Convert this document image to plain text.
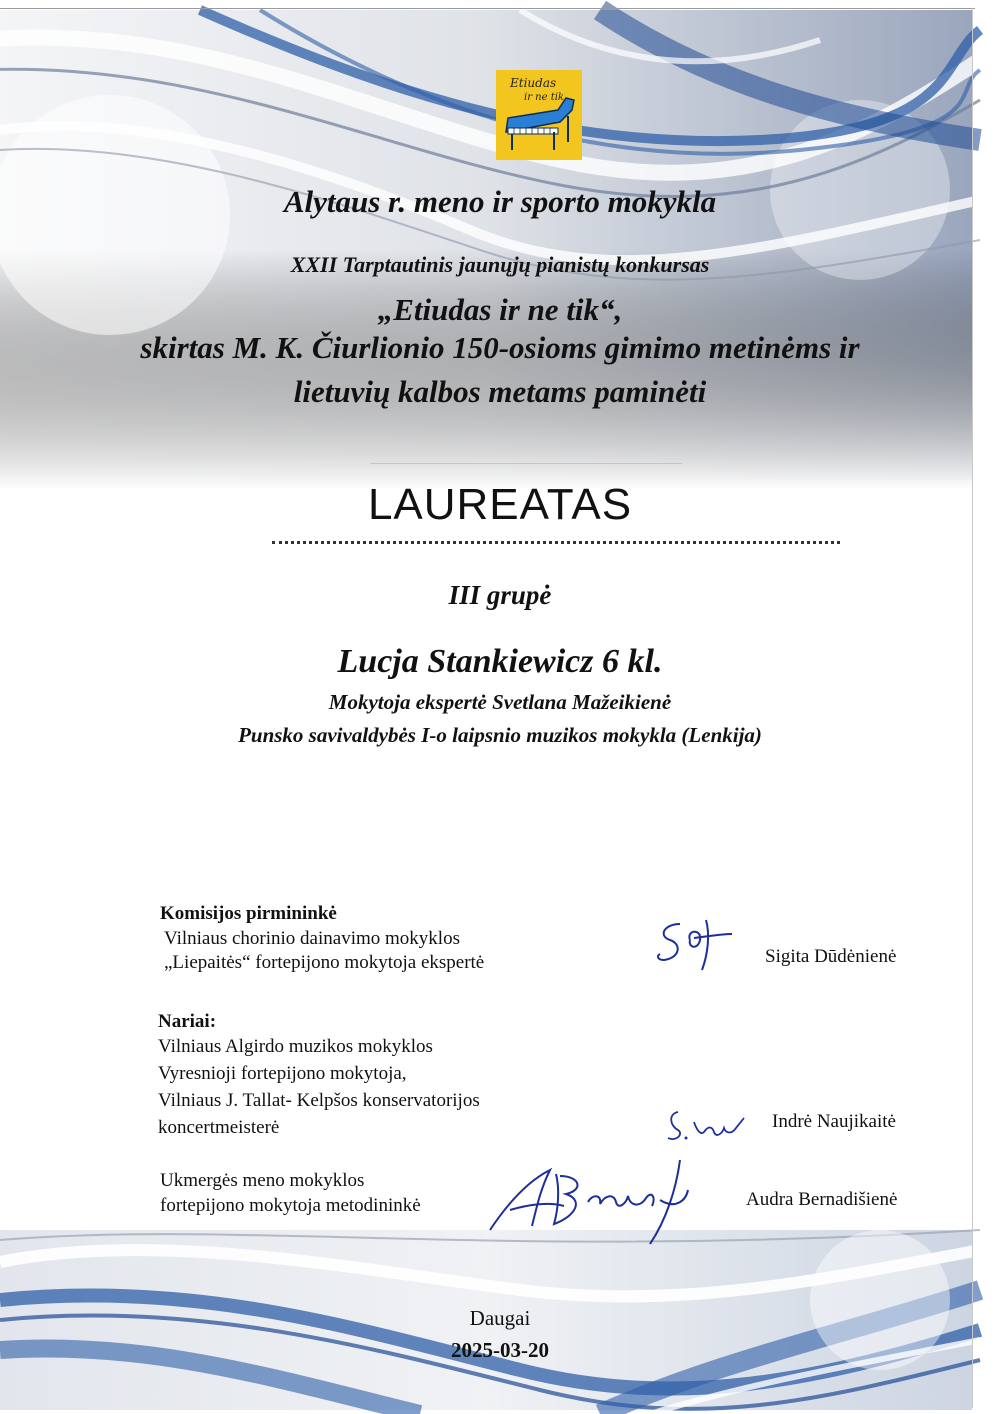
Etiudas
ir ne tik
Alytaus r. meno ir sporto mokykla
XXII Tarptautinis jaunųjų pianistų konkursas
„Etiudas ir ne tik“,
skirtas M. K. Čiurlionio 150-osioms gimimo metinėms ir
lietuvių kalbos metams paminėti
LAUREATAS
III grupė
Lucja Stankiewicz 6 kl.
Mokytoja ekspertė Svetlana Mažeikienė
Punsko savivaldybės I-o laipsnio muzikos mokykla (Lenkija)
Komisijos pirmininkė
Vilniaus chorinio dainavimo mokyklos
„Liepaitės“ fortepijono mokytoja ekspertė	Sigita Dūdėnienė
Nariai:
Vilniaus Algirdo muzikos mokyklos
Vyresnioji fortepijono mokytoja,
Vilniaus J. Tallat- Kelpšos konservatorijos
koncertmeisterė	Indrė Naujikaitė
Ukmergės meno mokyklos
fortepijono mokytoja metodininkė	Audra Bernadišienė
Daugai
2025-03-20
